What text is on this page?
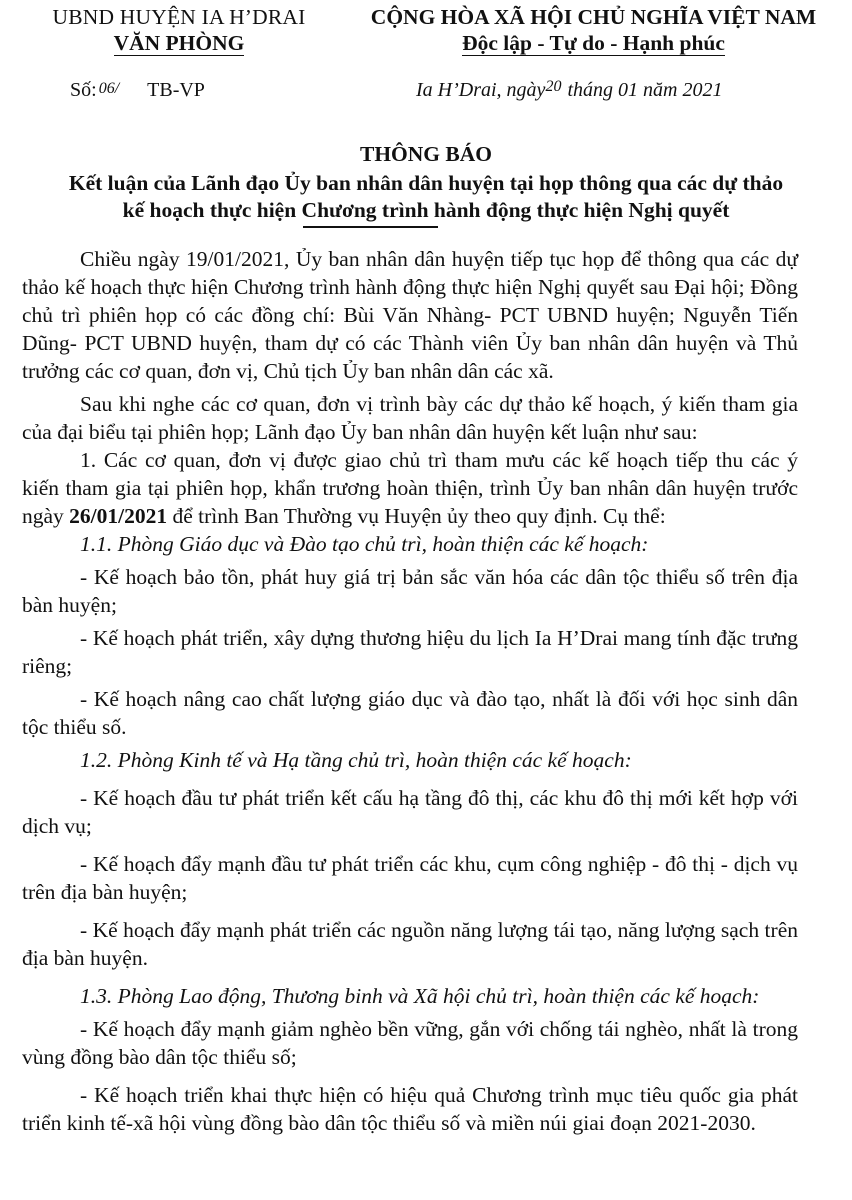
UBND HUYỆN IA H’DRAI
VĂN PHÒNG
CỘNG HÒA XÃ HỘI CHỦ NGHĨA VIỆT NAM
Độc lập - Tự do - Hạnh phúc
Số: 06/ TB-VP	Ia H’Drai, ngày$^{20}$ tháng 01 năm 2021
THÔNG BÁO
Kết luận của Lãnh đạo Ủy ban nhân dân huyện tại họp thông qua các dự thảo
kế hoạch thực hiện Chương trình hành động thực hiện Nghị quyết

Chiều ngày 19/01/2021, Ủy ban nhân dân huyện tiếp tục họp để thông qua các dự thảo kế hoạch thực hiện Chương trình hành động thực hiện Nghị quyết sau Đại hội; Đồng chủ trì phiên họp có các đồng chí: Bùi Văn Nhàng- PCT UBND huyện; Nguyễn Tiến Dũng- PCT UBND huyện, tham dự có các Thành viên Ủy ban nhân dân huyện và Thủ trưởng các cơ quan, đơn vị, Chủ tịch Ủy ban nhân dân các xã.

Sau khi nghe các cơ quan, đơn vị trình bày các dự thảo kế hoạch, ý kiến tham gia của đại biểu tại phiên họp; Lãnh đạo Ủy ban nhân dân huyện kết luận như sau:

1. Các cơ quan, đơn vị được giao chủ trì tham mưu các kế hoạch tiếp thu các ý kiến tham gia tại phiên họp, khẩn trương hoàn thiện, trình Ủy ban nhân dân huyện trước ngày 26/01/2021 để trình Ban Thường vụ Huyện ủy theo quy định. Cụ thể:

1.1. Phòng Giáo dục và Đào tạo chủ trì, hoàn thiện các kế hoạch:

- Kế hoạch bảo tồn, phát huy giá trị bản sắc văn hóa các dân tộc thiểu số trên địa bàn huyện;

- Kế hoạch phát triển, xây dựng thương hiệu du lịch Ia H’Drai mang tính đặc trưng riêng;

- Kế hoạch nâng cao chất lượng giáo dục và đào tạo, nhất là đối với học sinh dân tộc thiểu số.

1.2. Phòng Kinh tế và Hạ tầng chủ trì, hoàn thiện các kế hoạch:

- Kế hoạch đầu tư phát triển kết cấu hạ tầng đô thị, các khu đô thị mới kết hợp với dịch vụ;

- Kế hoạch đẩy mạnh đầu tư phát triển các khu, cụm công nghiệp - đô thị - dịch vụ trên địa bàn huyện;

- Kế hoạch đẩy mạnh phát triển các nguồn năng lượng tái tạo, năng lượng sạch trên địa bàn huyện.

1.3. Phòng Lao động, Thương binh và Xã hội chủ trì, hoàn thiện các kế hoạch:

- Kế hoạch đẩy mạnh giảm nghèo bền vững, gắn với chống tái nghèo, nhất là trong vùng đồng bào dân tộc thiểu số;

- Kế hoạch triển khai thực hiện có hiệu quả Chương trình mục tiêu quốc gia phát triển kinh tế-xã hội vùng đồng bào dân tộc thiểu số và miền núi giai đoạn 2021-2030.
